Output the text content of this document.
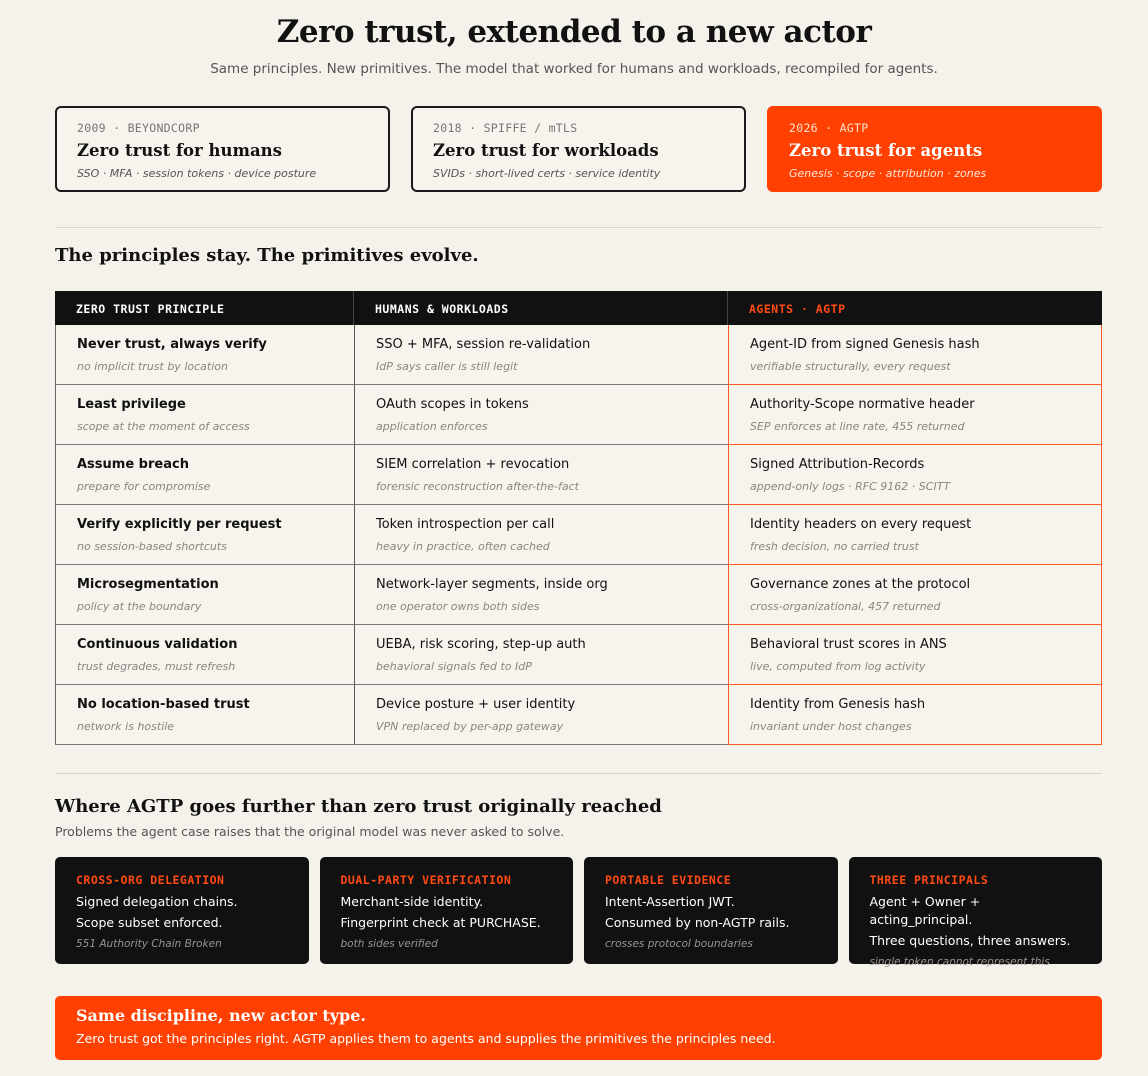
Zero trust, extended to a new actor

Same principles. New primitives. The model that worked for humans and workloads, recompiled for agents.

2009 · BEYONDCORP
Zero trust for humans
SSO · MFA · session tokens · device posture
2018 · SPIFFE / mTLS
Zero trust for workloads
SVIDs · short-lived certs · service identity
2026 · AGTP
Zero trust for agents
Genesis · scope · attribution · zones
The principles stay. The primitives evolve.
ZERO TRUST PRINCIPLE	HUMANS & WORKLOADS	AGENTS · AGTP
Never trust, always verify
no implicit trust by location
SSO + MFA, session re-validation
IdP says caller is still legit
Agent-ID from signed Genesis hash
verifiable structurally, every request
Least privilege
scope at the moment of access
OAuth scopes in tokens
application enforces
Authority-Scope normative header
SEP enforces at line rate, 455 returned
Assume breach
prepare for compromise
SIEM correlation + revocation
forensic reconstruction after-the-fact
Signed Attribution-Records
append-only logs · RFC 9162 · SCITT
Verify explicitly per request
no session-based shortcuts
Token introspection per call
heavy in practice, often cached
Identity headers on every request
fresh decision, no carried trust
Microsegmentation
policy at the boundary
Network-layer segments, inside org
one operator owns both sides
Governance zones at the protocol
cross-organizational, 457 returned
Continuous validation
trust degrades, must refresh
UEBA, risk scoring, step-up auth
behavioral signals fed to IdP
Behavioral trust scores in ANS
live, computed from log activity
No location-based trust
network is hostile
Device posture + user identity
VPN replaced by per-app gateway
Identity from Genesis hash
invariant under host changes
Where AGTP goes further than zero trust originally reached

Problems the agent case raises that the original model was never asked to solve.

CROSS-ORG DELEGATION
Signed delegation chains.
Scope subset enforced.
551 Authority Chain Broken
DUAL-PARTY VERIFICATION
Merchant-side identity.
Fingerprint check at PURCHASE.
both sides verified
PORTABLE EVIDENCE
Intent-Assertion JWT.
Consumed by non-AGTP rails.
crosses protocol boundaries
THREE PRINCIPALS
Agent + Owner + acting_principal.
Three questions, three answers.
single token cannot represent this
Same discipline, new actor type.
Zero trust got the principles right. AGTP applies them to agents and supplies the primitives the principles need.
